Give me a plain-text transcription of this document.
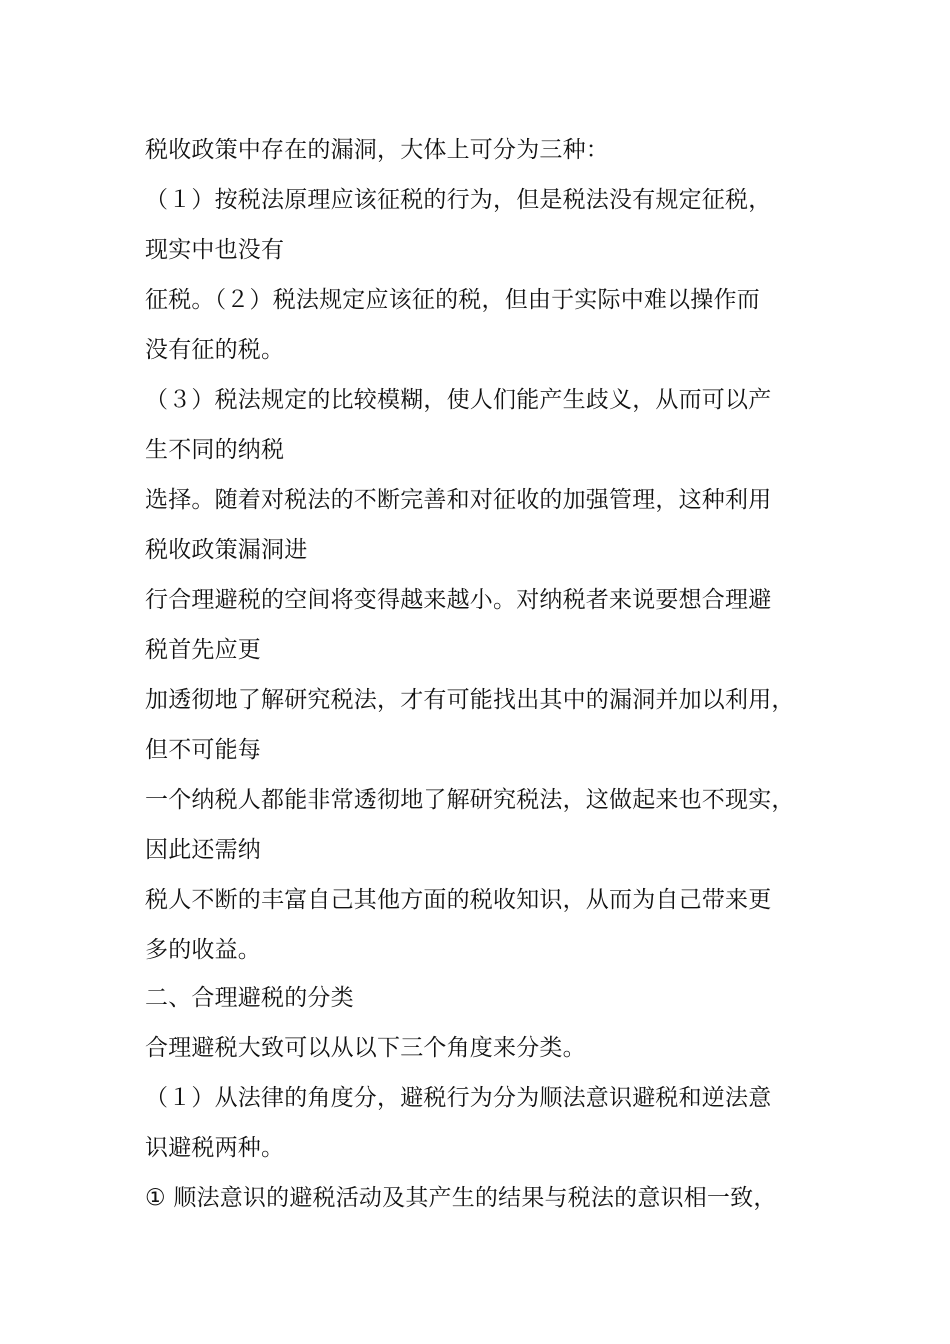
税收政策中存在的漏洞，大体上可分为三种：
（１）按税法原理应该征税的行为，但是税法没有规定征税，
现实中也没有
征税。（２）税法规定应该征的税，但由于实际中难以操作而
没有征的税。
（３）税法规定的比较模糊，使人们能产生歧义，从而可以产
生不同的纳税
选择。随着对税法的不断完善和对征收的加强管理，这种利用
税收政策漏洞进
行合理避税的空间将变得越来越小。对纳税者来说要想合理避
税首先应更
加透彻地了解研究税法，才有可能找出其中的漏洞并加以利用，
但不可能每
一个纳税人都能非常透彻地了解研究税法，这做起来也不现实，
因此还需纳
税人不断的丰富自己其他方面的税收知识，从而为自己带来更
多的收益。
二、合理避税的分类
合理避税大致可以从以下三个角度来分类。
（１）从法律的角度分，避税行为分为顺法意识避税和逆法意
识避税两种。
① 顺法意识的避税活动及其产生的结果与税法的意识相一致，
